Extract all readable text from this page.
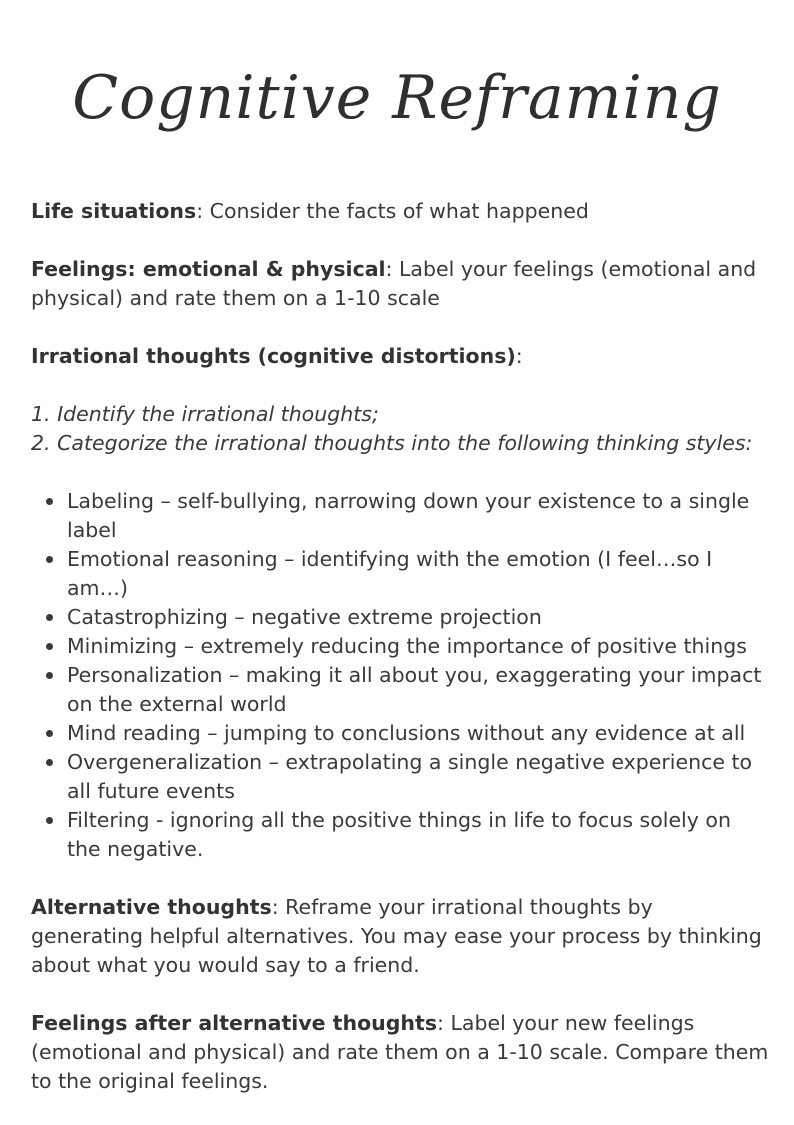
Cognitive Reframing

Life situations: Consider the facts of what happened

Feelings: emotional & physical: Label your feelings (emotional and physical) and rate them on a 1-10 scale

Irrational thoughts (cognitive distortions):

1. Identify the irrational thoughts;
2. Categorize the irrational thoughts into the following thinking styles:
Labeling – self-bullying, narrowing down your existence to a single label
Emotional reasoning – identifying with the emotion (I feel…so I am…)
Catastrophizing – negative extreme projection
Minimizing – extremely reducing the importance of positive things
Personalization – making it all about you, exaggerating your impact on the external world
Mind reading – jumping to conclusions without any evidence at all
Overgeneralization – extrapolating a single negative experience to all future events
Filtering - ignoring all the positive things in life to focus solely on the negative.

Alternative thoughts: Reframe your irrational thoughts by generating helpful alternatives. You may ease your process by thinking about what you would say to a friend.

Feelings after alternative thoughts: Label your new feelings (emotional and physical) and rate them on a 1-10 scale. Compare them to the original feelings.
